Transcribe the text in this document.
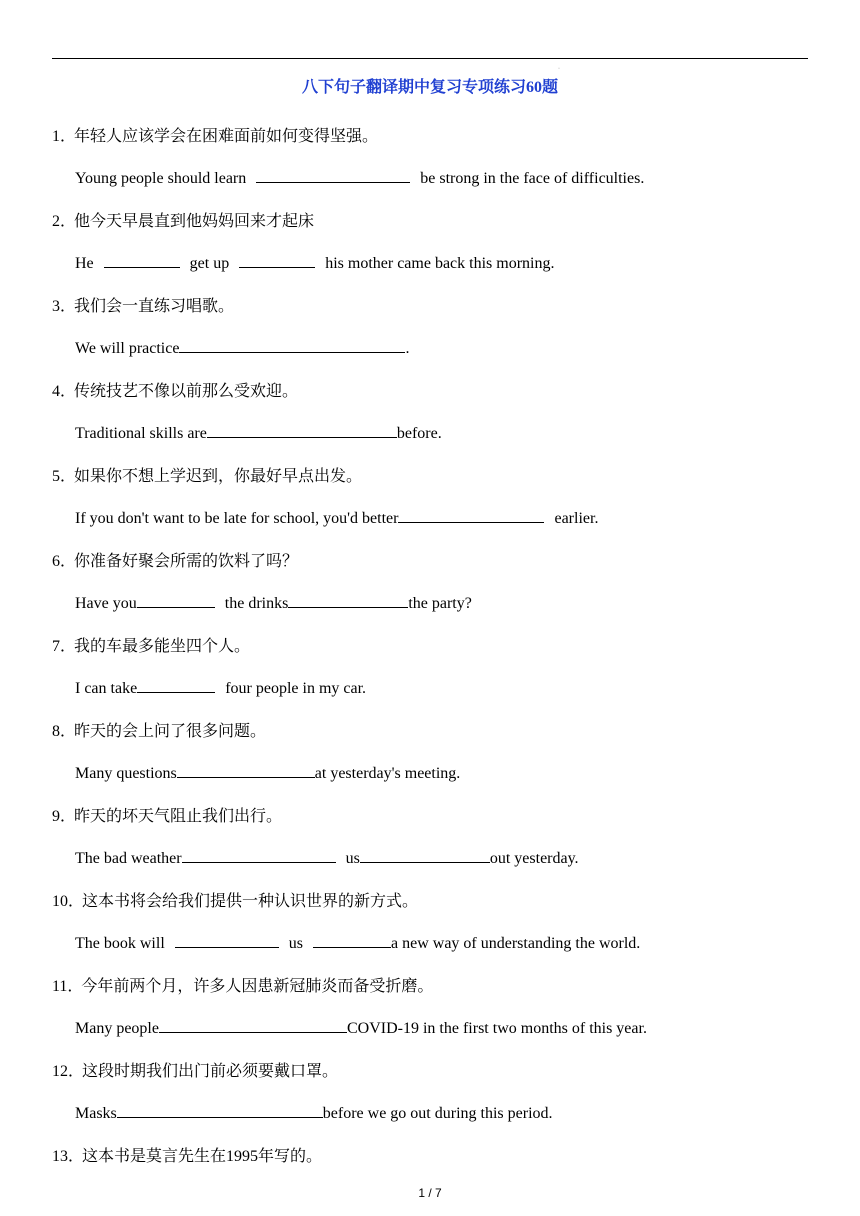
·
八下句子翻译期中复习专项练习60题
1．年轻人应该学会在困难面前如何变得坚强。
Young people should learn	be strong in the face of difficulties.
2．他今天早晨直到他妈妈回来才起床
He	get up	his mother came back this morning.
3．我们会一直练习唱歌。
We will practice	.
4．传统技艺不像以前那么受欢迎。
Traditional skills are	before.
5．如果你不想上学迟到，你最好早点出发。
If you don't want to be late for school, you'd better	earlier.
6．你准备好聚会所需的饮料了吗？
Have you	the drinks	the party?
7．我的车最多能坐四个人。
I can take	four people in my car.
8．昨天的会上问了很多问题。
Many questions	at yesterday's meeting.
9．昨天的坏天气阻止我们出行。
The bad weather	us	out yesterday.
10．这本书将会给我们提供一种认识世界的新方式。
The book will	us	a new way of understanding the world.
11．今年前两个月，许多人因患新冠肺炎而备受折磨。
Many people	COVID-19 in the first two months of this year.
12．这段时期我们出门前必须要戴口罩。
Masks	before we go out during this period.
13．这本书是莫言先生在1995年写的。
1 / 7
